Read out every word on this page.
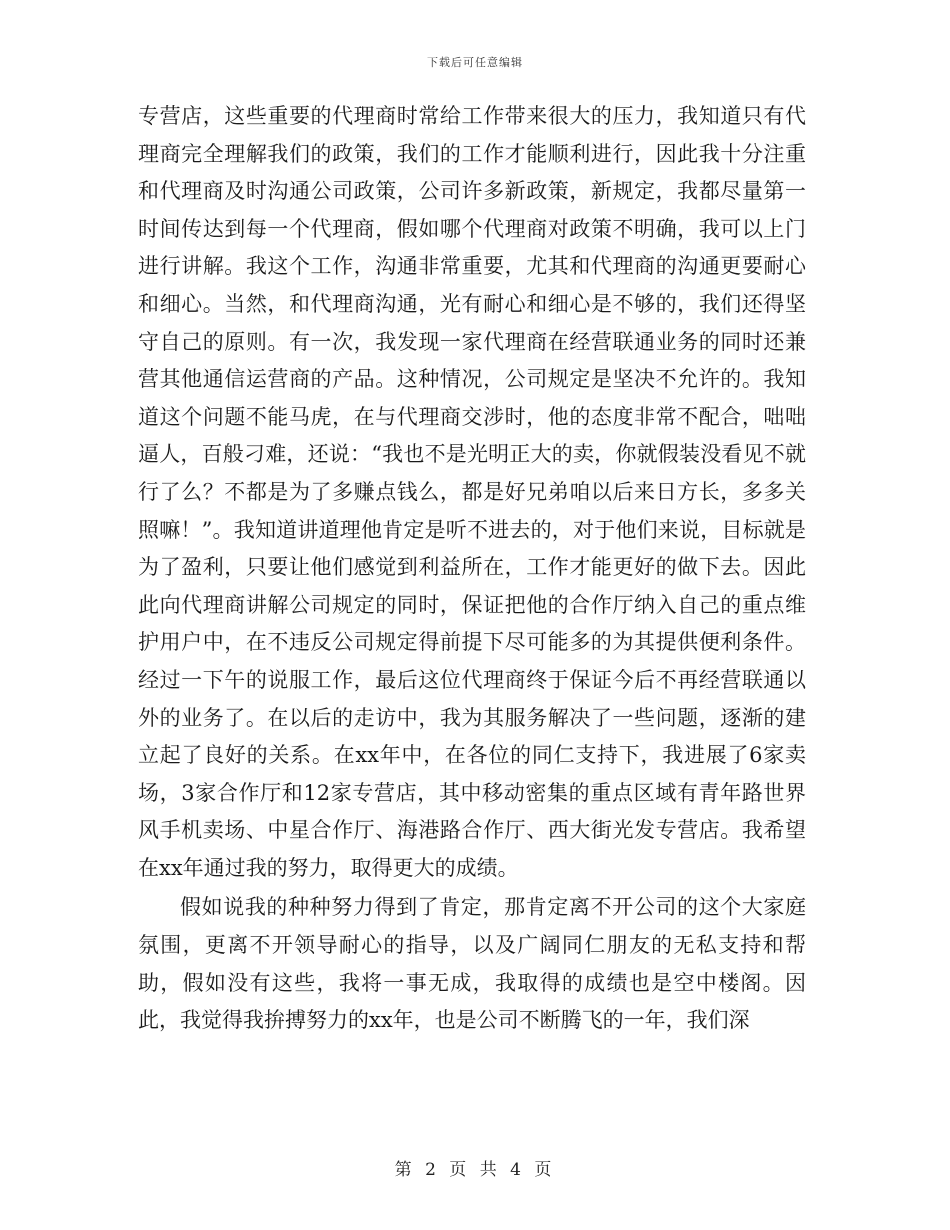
下载后可任意编辑

专营店，这些重要的代理商时常给工作带来很大的压力，我知道只有代理商完全理解我们的政策，我们的工作才能顺利进行，因此我十分注重和代理商及时沟通公司政策，公司许多新政策，新规定，我都尽量第一时间传达到每一个代理商，假如哪个代理商对政策不明确，我可以上门进行讲解。我这个工作，沟通非常重要，尤其和代理商的沟通更要耐心和细心。当然，和代理商沟通，光有耐心和细心是不够的，我们还得坚守自己的原则。有一次，我发现一家代理商在经营联通业务的同时还兼营其他通信运营商的产品。这种情况，公司规定是坚决不允许的。我知道这个问题不能马虎，在与代理商交涉时，他的态度非常不配合，咄咄逼人，百般刁难，还说：“我也不是光明正大的卖，你就假装没看见不就行了么？不都是为了多赚点钱么，都是好兄弟咱以后来日方长，多多关照嘛！”。我知道讲道理他肯定是听不进去的，对于他们来说，目标就是为了盈利，只要让他们感觉到利益所在，工作才能更好的做下去。因此此向代理商讲解公司规定的同时，保证把他的合作厅纳入自己的重点维护用户中，在不违反公司规定得前提下尽可能多的为其提供便利条件。经过一下午的说服工作，最后这位代理商终于保证今后不再经营联通以外的业务了。在以后的走访中，我为其服务解决了一些问题，逐渐的建立起了良好的关系。在xx年中，在各位的同仁支持下，我进展了6家卖场，3家合作厅和12家专营店，其中移动密集的重点区域有青年路世界风手机卖场、中星合作厅、海港路合作厅、西大街光发专营店。我希望在xx年通过我的努力，取得更大的成绩。

假如说我的种种努力得到了肯定，那肯定离不开公司的这个大家庭氛围，更离不开领导耐心的指导，以及广阔同仁朋友的无私支持和帮助，假如没有这些，我将一事无成，我取得的成绩也是空中楼阁。因此，我觉得我拚搏努力的xx年，也是公司不断腾飞的一年，我们深

第 2 页 共 4 页
